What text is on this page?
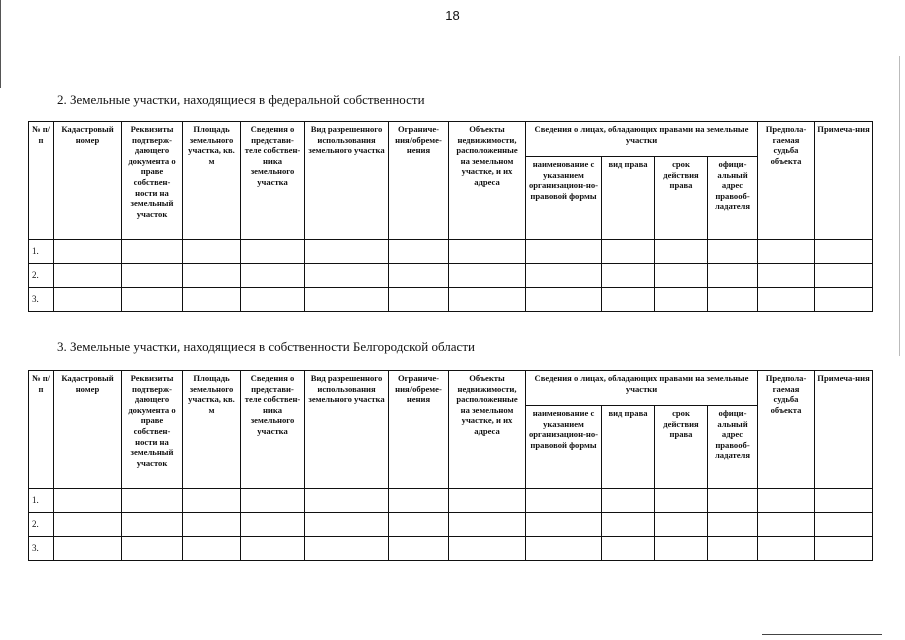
18
2. Земельные участки, находящиеся в федеральной собственности
№ п/п	Кадастровый номер	Реквизиты подтверж-дающего документа о праве собствен-ности на земельный участок	Площадь земельного участка, кв. м	Сведения о представи-теле собствен-ника земельного участка	Вид разрешенного использования земельного участка	Ограниче-ния/обреме-нения	Объекты недвижимости, расположенные на земельном участке, и их адреса	Сведения о лицах, обладающих правами на земельные участки				Предпола-гаемая судьба объекта	Примеча-ния
								наименование с указанием организацион-но-правовой формы	вид права	срок действия права	офици-альный адрес правооб-ладателя		
1.													
2.													
3.													
3. Земельные участки, находящиеся в собственности Белгородской области
№ п/п	Кадастровый номер	Реквизиты подтверж-дающего документа о праве собствен-ности на земельный участок	Площадь земельного участка, кв. м	Сведения о представи-теле собствен-ника земельного участка	Вид разрешенного использования земельного участка	Ограниче-ния/обреме-нения	Объекты недвижимости, расположенные на земельном участке, и их адреса	Сведения о лицах, обладающих правами на земельные участки				Предпола-гаемая судьба объекта	Примеча-ния
								наименование с указанием организацион-но-правовой формы	вид права	срок действия права	офици-альный адрес правооб-ладателя		
1.													
2.													
3.													
